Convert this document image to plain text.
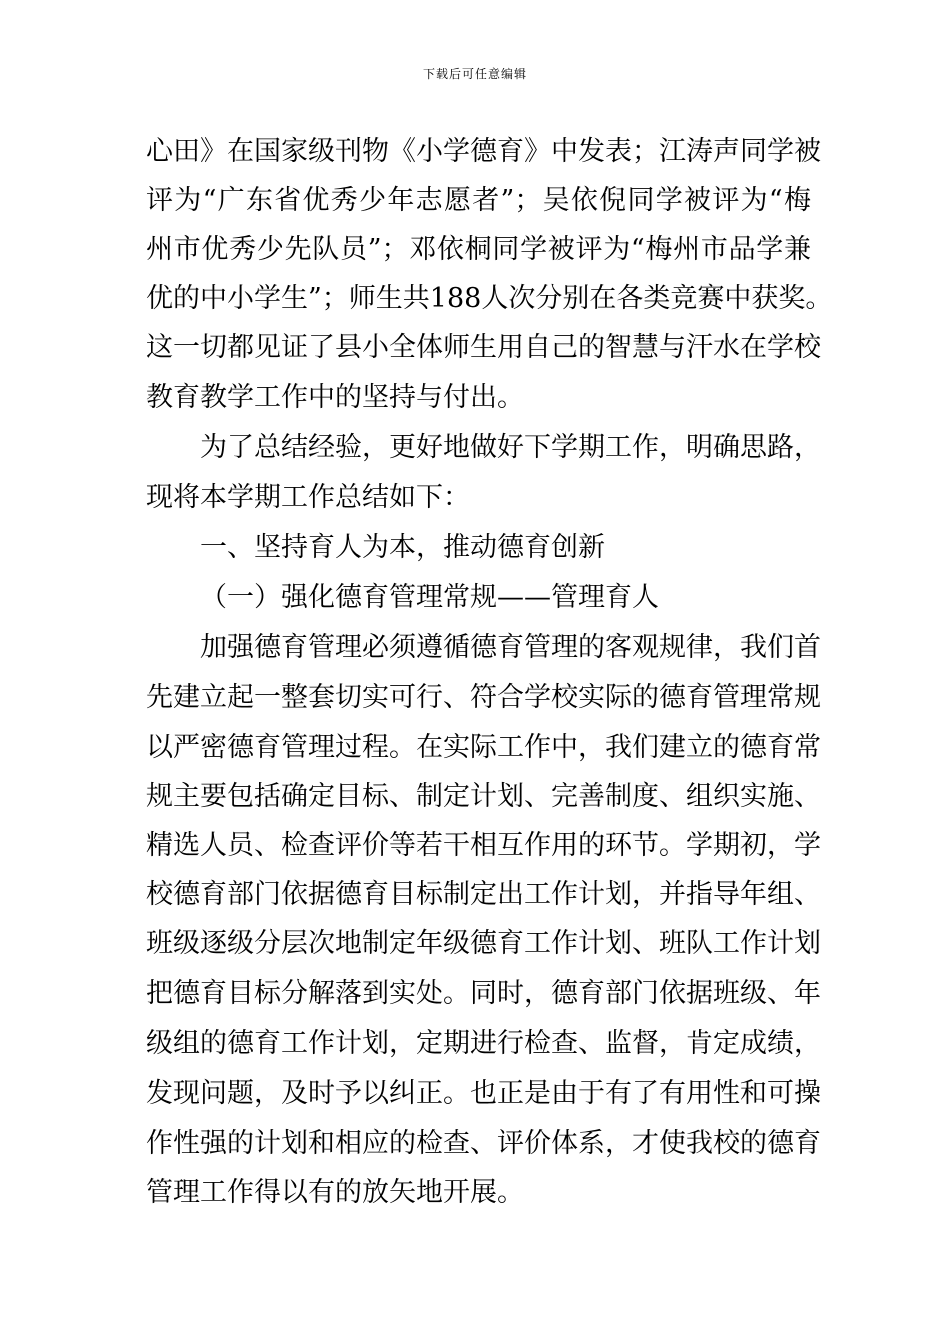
下载后可任意编辑
心田》在国家级刊物《小学德育》中发表；江涛声同学被
评为“广东省优秀少年志愿者”；吴依倪同学被评为“梅
州市优秀少先队员”；邓依桐同学被评为“梅州市品学兼
优的中小学生”；师生共188人次分别在各类竞赛中获奖。
这一切都见证了县小全体师生用自己的智慧与汗水在学校
教育教学工作中的坚持与付出。
为了总结经验，更好地做好下学期工作，明确思路，
现将本学期工作总结如下：
一、坚持育人为本，推动德育创新
（一）强化德育管理常规——管理育人
加强德育管理必须遵循德育管理的客观规律，我们首
先建立起一整套切实可行、符合学校实际的德育管理常规
以严密德育管理过程。在实际工作中，我们建立的德育常
规主要包括确定目标、制定计划、完善制度、组织实施、
精选人员、检查评价等若干相互作用的环节。学期初，学
校德育部门依据德育目标制定出工作计划，并指导年组、
班级逐级分层次地制定年级德育工作计划、班队工作计划
把德育目标分解落到实处。同时，德育部门依据班级、年
级组的德育工作计划，定期进行检查、监督，肯定成绩，
发现问题，及时予以纠正。也正是由于有了有用性和可操
作性强的计划和相应的检查、评价体系，才使我校的德育
管理工作得以有的放矢地开展。
